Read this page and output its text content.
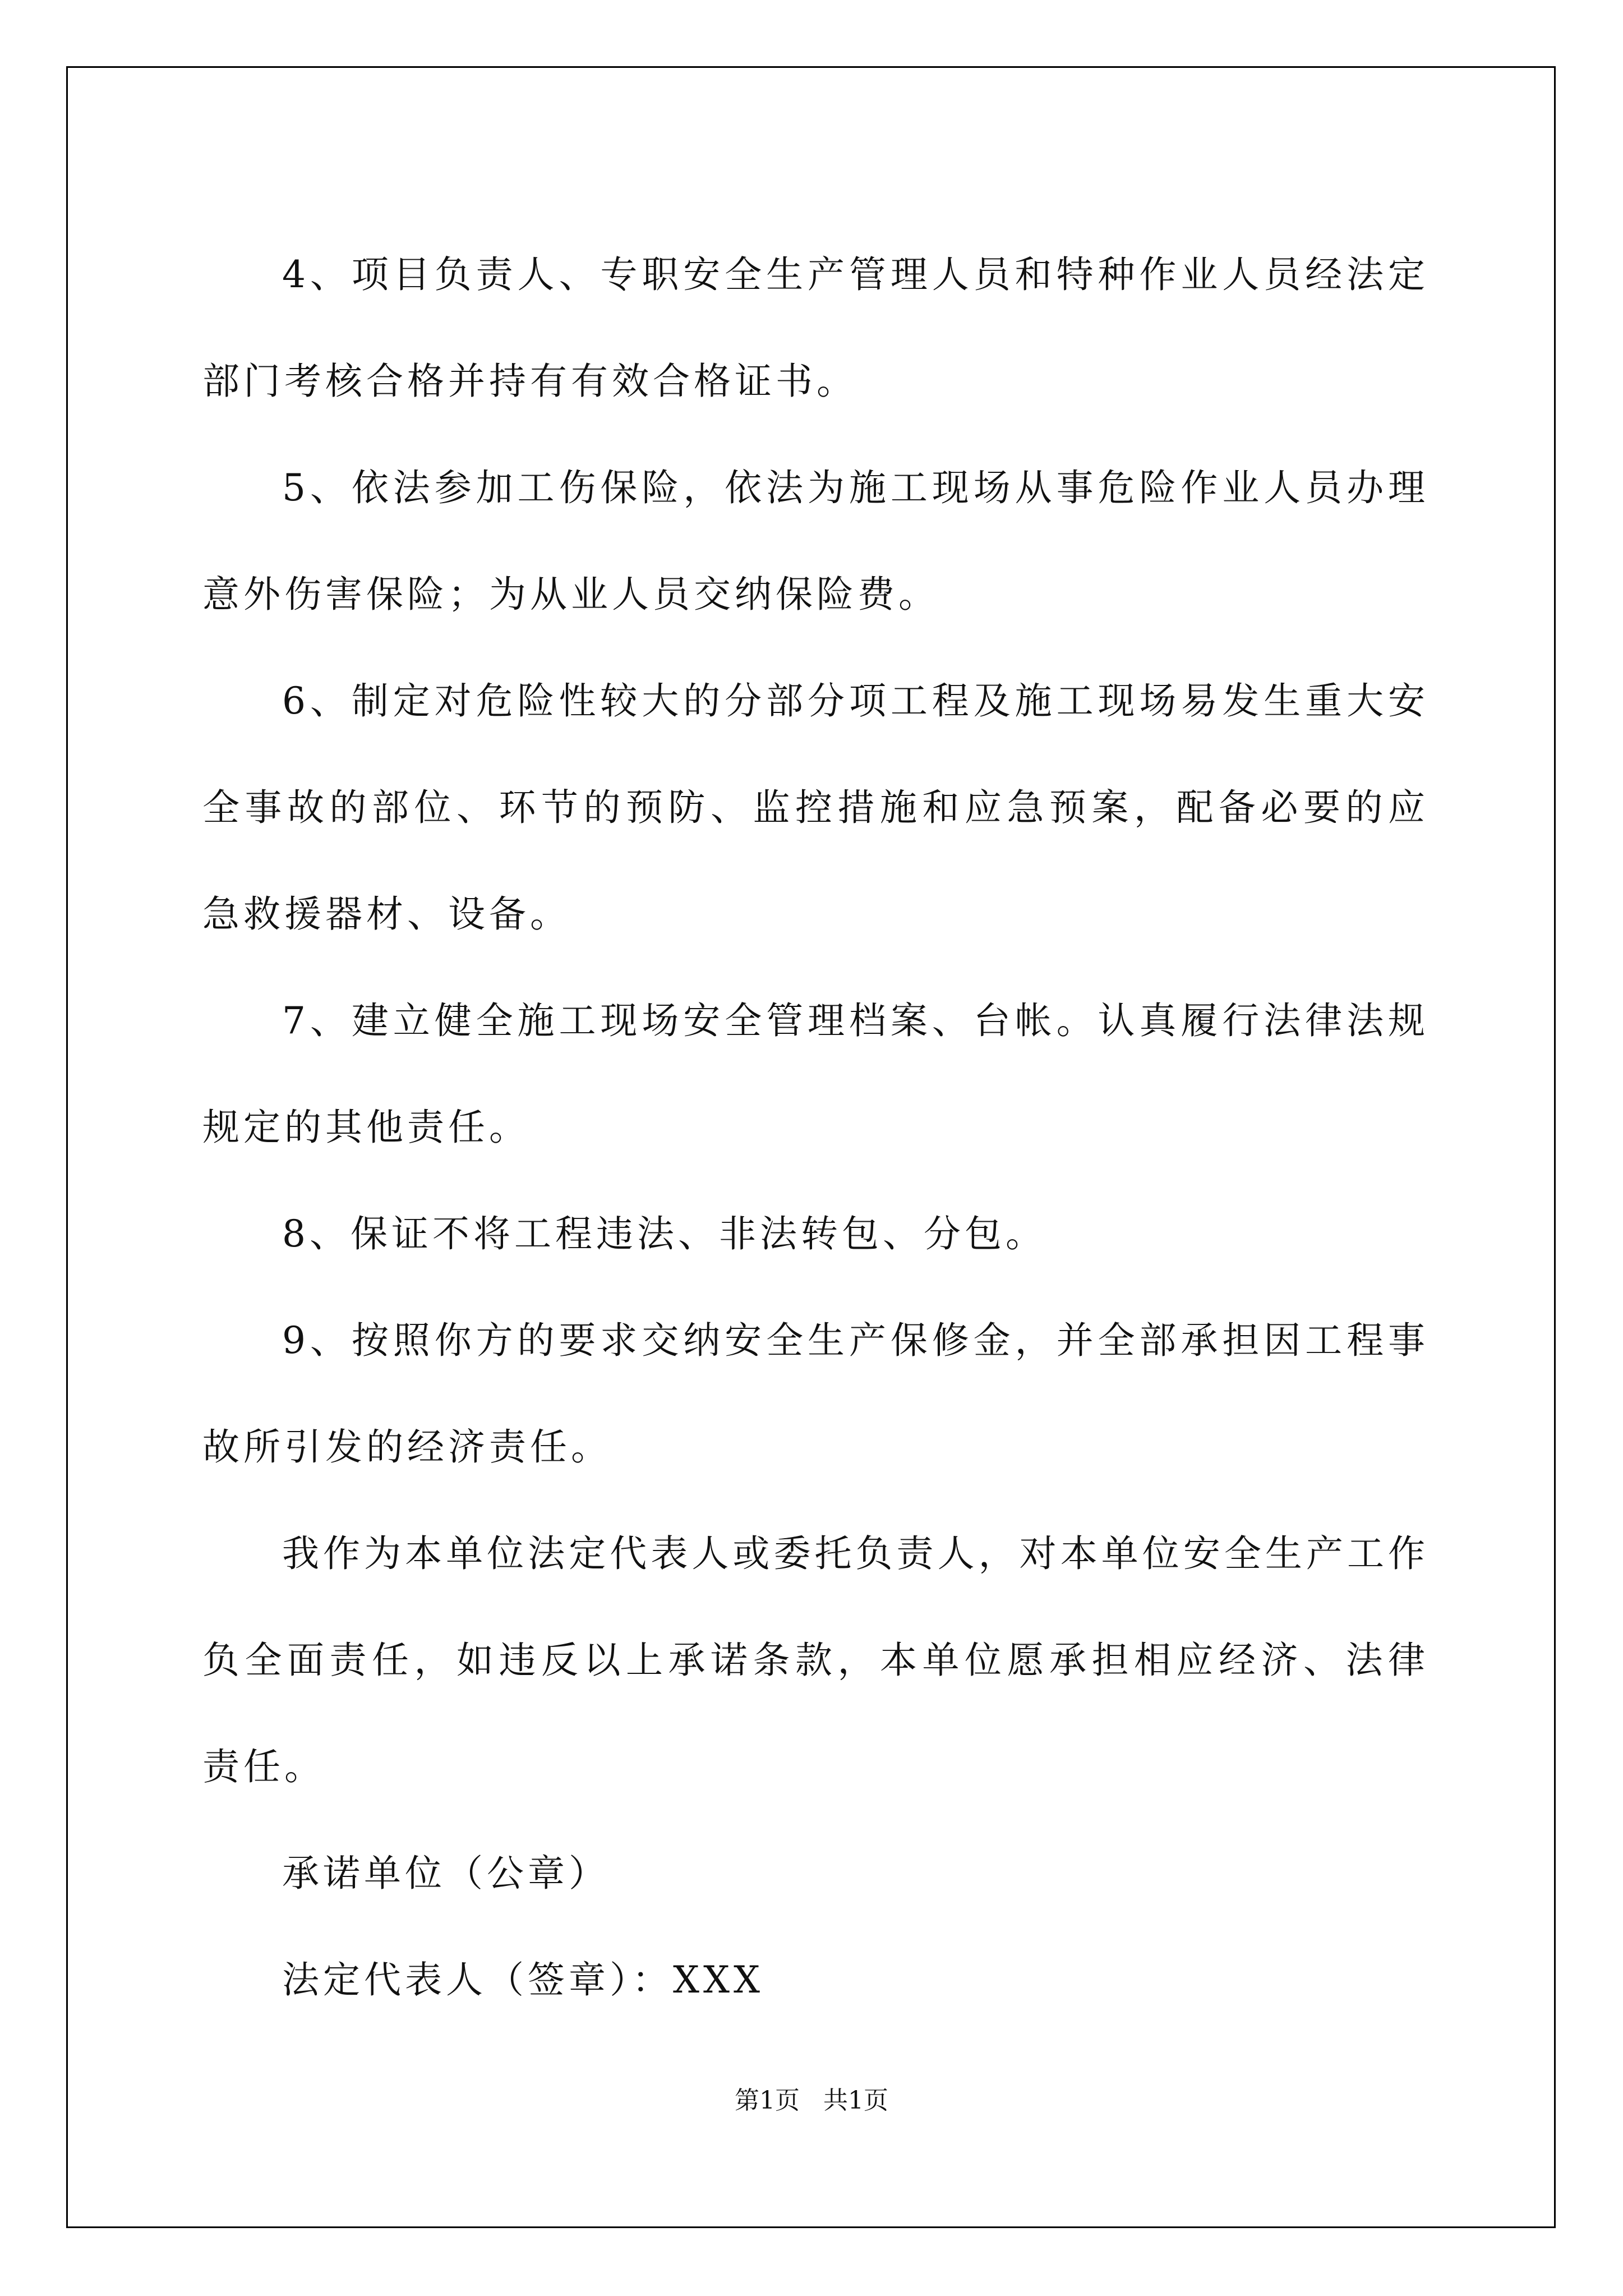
4、项目负责人、专职安全生产管理人员和特种作业人员经法定部门考核合格并持有有效合格证书。

5、依法参加工伤保险，依法为施工现场从事危险作业人员办理意外伤害保险；为从业人员交纳保险费。

6、制定对危险性较大的分部分项工程及施工现场易发生重大安全事故的部位、环节的预防、监控措施和应急预案，配备必要的应急救援器材、设备。

7、建立健全施工现场安全管理档案、台帐。认真履行法律法规规定的其他责任。

8、保证不将工程违法、非法转包、分包。

9、按照你方的要求交纳安全生产保修金，并全部承担因工程事故所引发的经济责任。

我作为本单位法定代表人或委托负责人，对本单位安全生产工作负全面责任，如违反以上承诺条款，本单位愿承担相应经济、法律责任。

承诺单位（公章）

法定代表人（签章）：XXX

第1页 共1页
